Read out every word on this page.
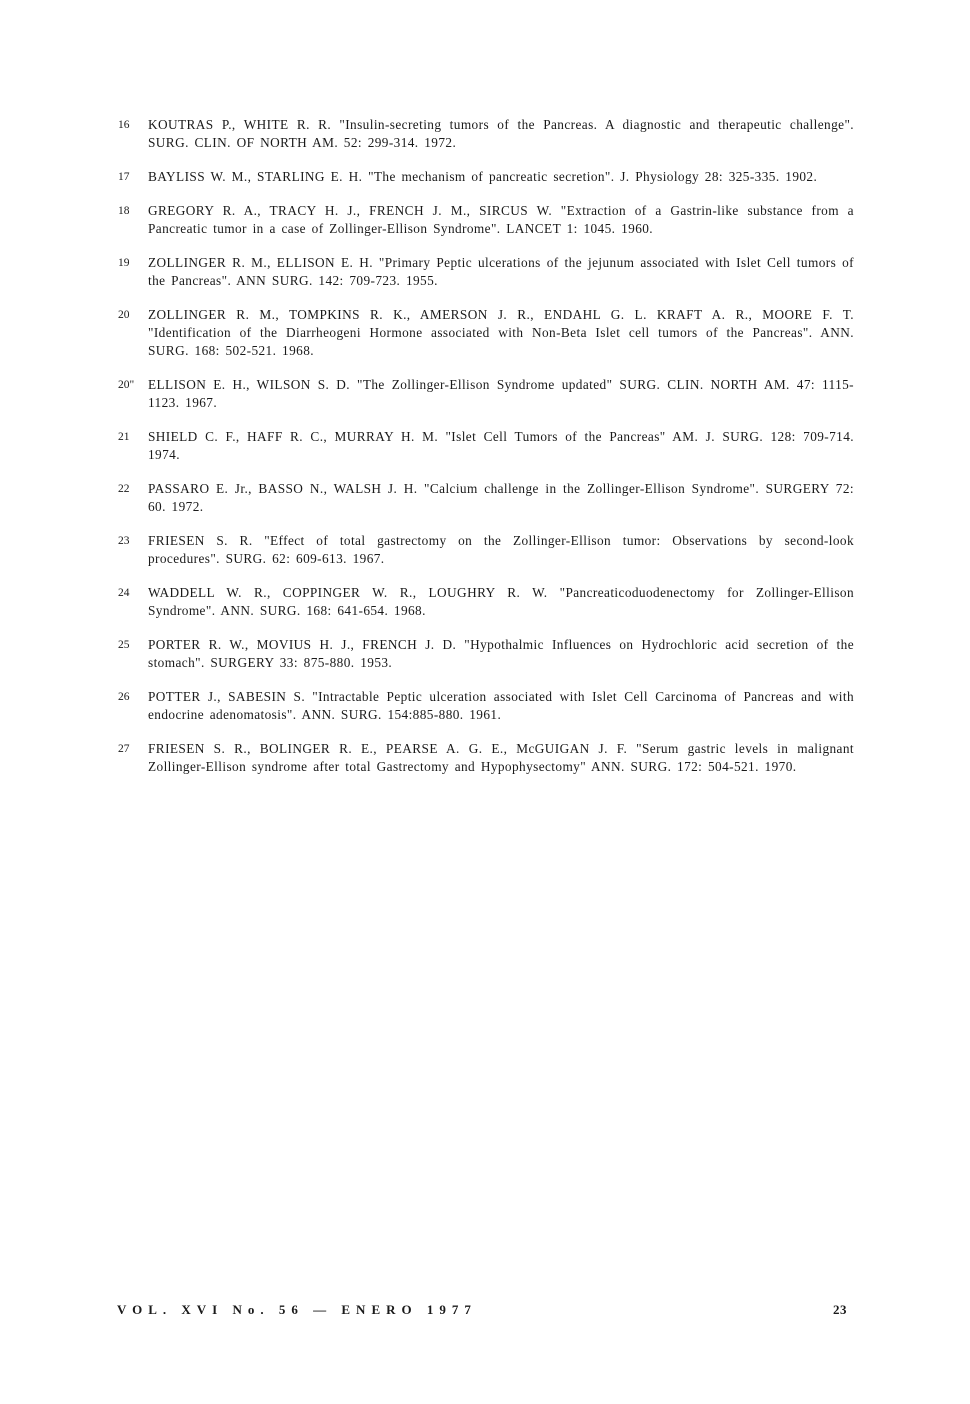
16	KOUTRAS P., WHITE R. R. "Insulin-secreting tumors of the Pancreas. A diagnostic and therapeutic challenge". SURG. CLIN. OF NORTH AM. 52: 299-314. 1972.
17	BAYLISS W. M., STARLING E. H. "The mechanism of pancreatic secretion". J. Physiology 28: 325-335. 1902.
18	GREGORY R. A., TRACY H. J., FRENCH J. M., SIRCUS W. "Extraction of a Gastrin-like substance from a Pancreatic tumor in a case of Zollinger-Ellison Syndrome". LANCET 1: 1045. 1960.
19	ZOLLINGER R. M., ELLISON E. H. "Primary Peptic ulcerations of the jejunum associated with Islet Cell tumors of the Pancreas". ANN SURG. 142: 709-723. 1955.
20	ZOLLINGER R. M., TOMPKINS R. K., AMERSON J. R., ENDAHL G. L. KRAFT A. R., MOORE F. T. "Identification of the Diarrheogeni Hormone associated with Non-Beta Islet cell tumors of the Pancreas". ANN. SURG. 168: 502-521. 1968.
20"	ELLISON E. H., WILSON S. D. "The Zollinger-Ellison Syndrome updated" SURG. CLIN. NORTH AM. 47: 1115-1123. 1967.
21	SHIELD C. F., HAFF R. C., MURRAY H. M. "Islet Cell Tumors of the Pancreas" AM. J. SURG. 128: 709-714. 1974.
22	PASSARO E. Jr., BASSO N., WALSH J. H. "Calcium challenge in the Zollinger-Ellison Syndrome". SURGERY 72: 60. 1972.
23	FRIESEN S. R. "Effect of total gastrectomy on the Zollinger-Ellison tumor: Observations by second-look procedures". SURG. 62: 609-613. 1967.
24	WADDELL W. R., COPPINGER W. R., LOUGHRY R. W. "Pancreaticoduodenectomy for Zollinger-Ellison Syndrome". ANN. SURG. 168: 641-654. 1968.
25	PORTER R. W., MOVIUS H. J., FRENCH J. D. "Hypothalmic Influences on Hydrochloric acid secretion of the stomach". SURGERY 33: 875-880. 1953.
26	POTTER J., SABESIN S. "Intractable Peptic ulceration associated with Islet Cell Carcinoma of Pancreas and with endocrine adenomatosis". ANN. SURG. 154:885-880. 1961.
27	FRIESEN S. R., BOLINGER R. E., PEARSE A. G. E., McGUIGAN J. F. "Serum gastric levels in malignant Zollinger-Ellison syndrome after total Gastrectomy and Hypophysectomy" ANN. SURG. 172: 504-521. 1970.
VOL. XVI No. 56 — ENERO 1977	23
